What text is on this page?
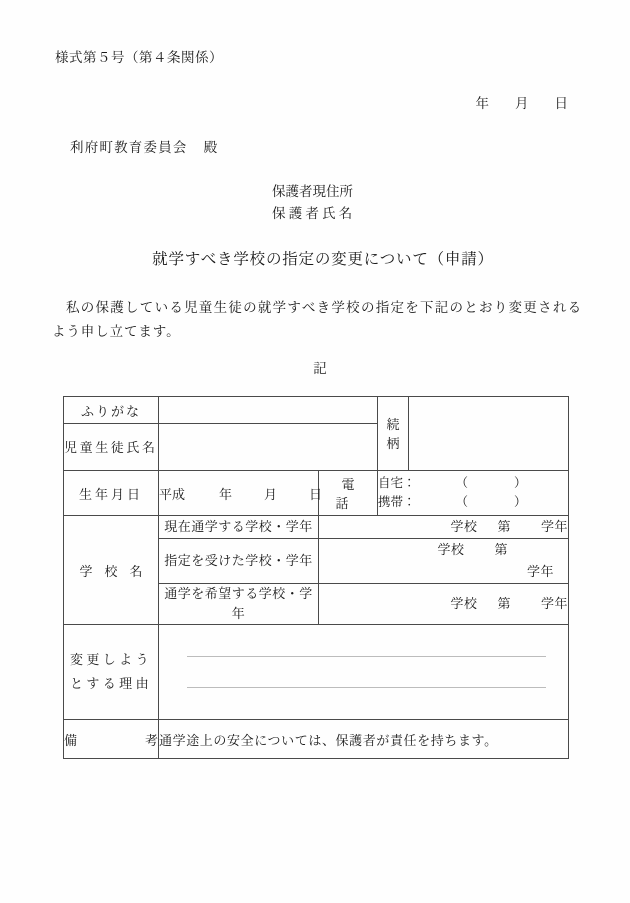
様式第５号（第４条関係）
年 月 日
利府町教育委員会 殿
保護者現住所
保護者氏名
就学すべき学校の指定の変更について（申請）
私の保護している児童生徒の就学すべき学校の指定を下記のとおり変更されるよう申し立てます。
記
ふりがな			続
柄	
児童生徒氏名				
生年月日	平成 年 月 日	電話	自宅： （ ）
携帯： （ ）	

学校名	現在通学する学校・学年	学校 第 学年		
	指定を受けた学校・学年	学校 第
学年		

	通学を希望する学校・学年	学校 第 学年		
変更しよう
とする理由				

備考	通学途上の安全については、保護者が責任を持ちます。			
